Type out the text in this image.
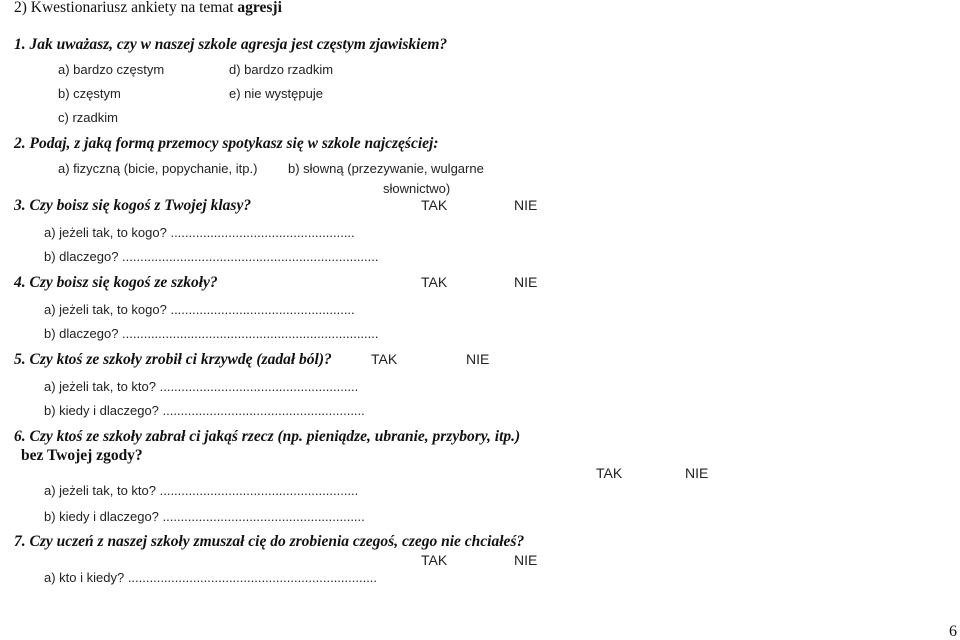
2) Kwestionariusz ankiety na temat agresji
1. Jak uważasz, czy w naszej szkole agresja jest częstym zjawiskiem?
a) bardzo częstym	d) bardzo rzadkim
b) częstym	e) nie występuje
c) rzadkim
2. Podaj, z jaką formą przemocy spotykasz się w szkole najczęściej:
a) fizyczną (bicie, popychanie, itp.) b) słowną (przezywanie, wulgarne
słownictwo)
3. Czy boisz się kogoś z Twojej klasy?	TAK	NIE
a) jeżeli tak, to kogo? ...................................................
b) dlaczego? .......................................................................
4. Czy boisz się kogoś ze szkoły?	TAK	NIE
a) jeżeli tak, to kogo? ...................................................
b) dlaczego? .......................................................................
5. Czy ktoś ze szkoły zrobił ci krzywdę (zadał ból)?	TAK	NIE
a) jeżeli tak, to kto? .......................................................
b) kiedy i dlaczego? ........................................................
6. Czy ktoś ze szkoły zabrał ci jakąś rzecz (np. pieniądze, ubranie, przybory, itp.)
bez Twojej zgody?
TAK	NIE
a) jeżeli tak, to kto? .......................................................
b) kiedy i dlaczego? ........................................................
7. Czy uczeń z naszej szkoły zmuszał cię do zrobienia czegoś, czego nie chciałeś?
TAK	NIE
a) kto i kiedy? .....................................................................
6
